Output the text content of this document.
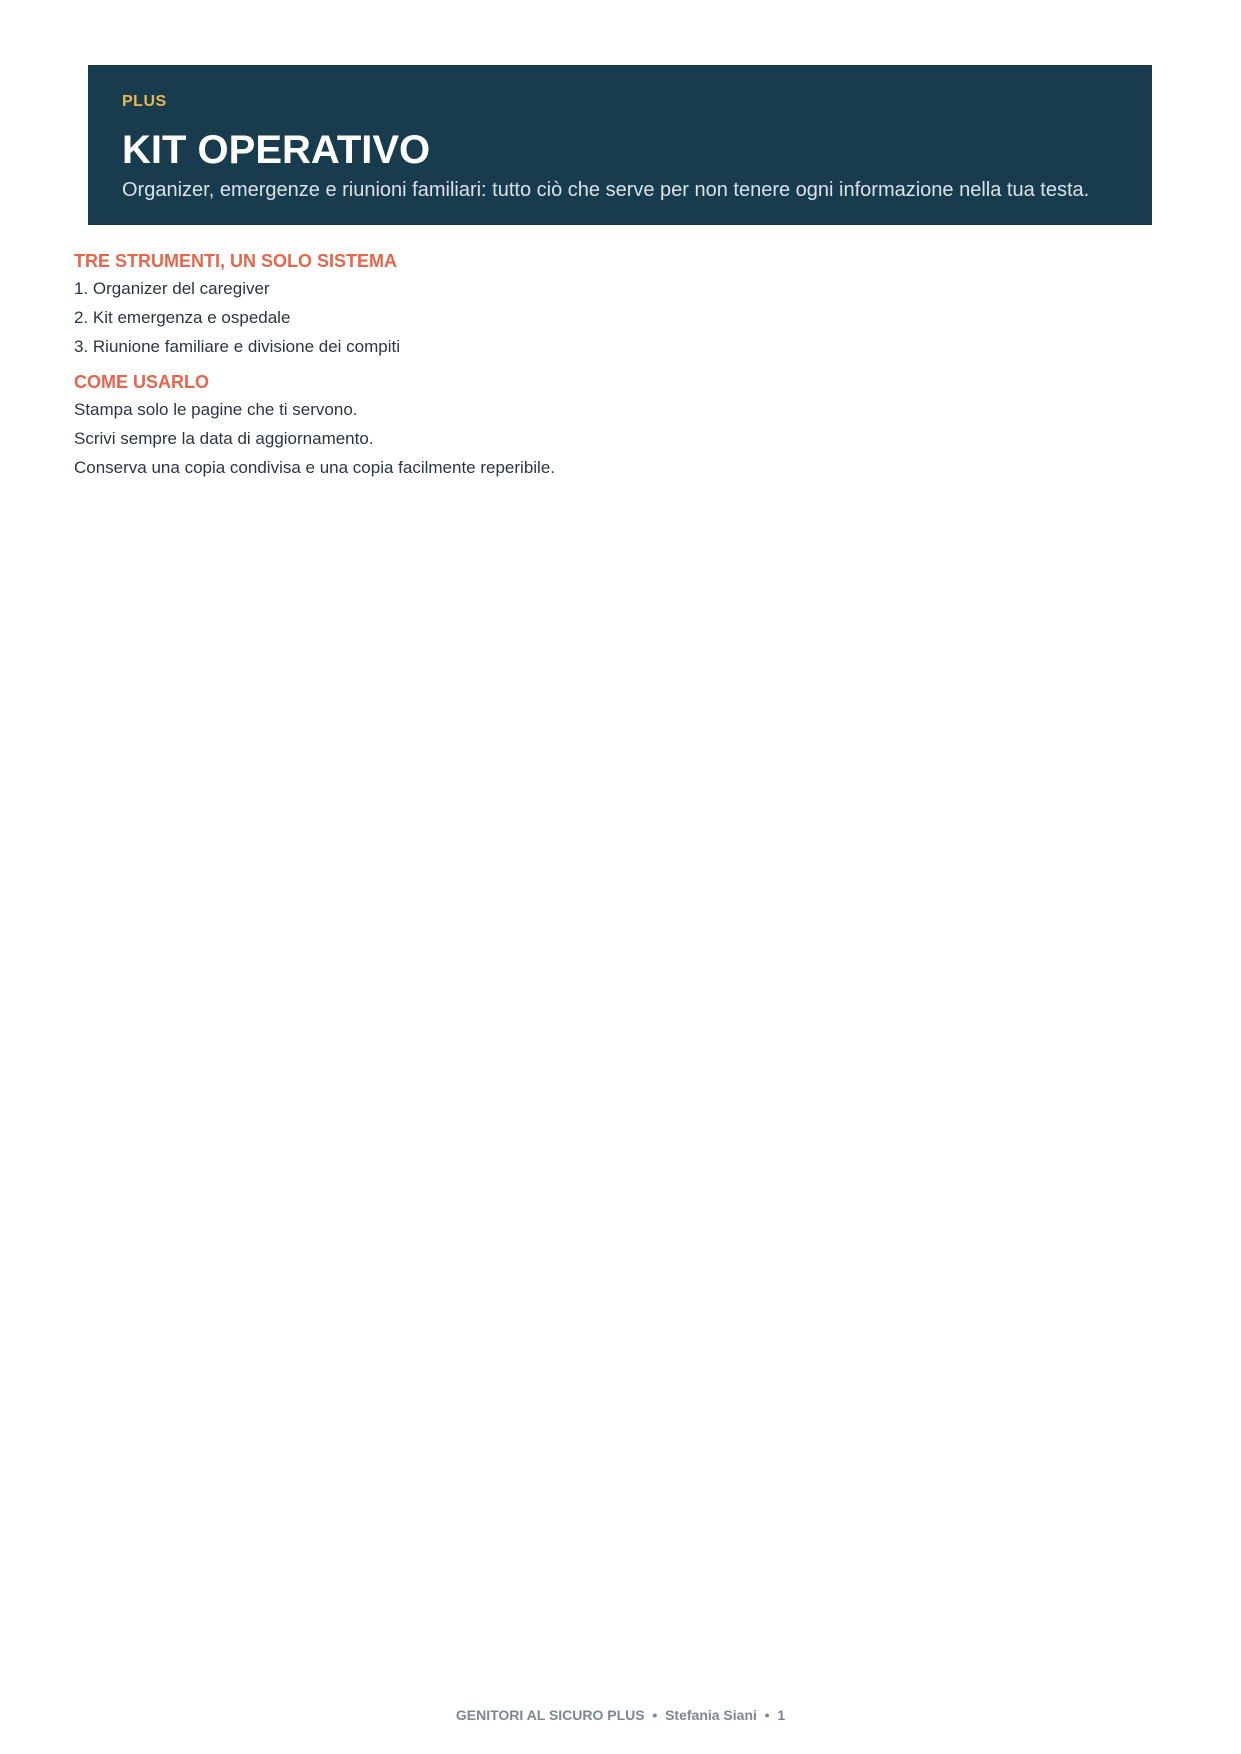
PLUS
KIT OPERATIVO
Organizer, emergenze e riunioni familiari: tutto ciò che serve per non tenere ogni informazione nella tua testa.
TRE STRUMENTI, UN SOLO SISTEMA
1. Organizer del caregiver
2. Kit emergenza e ospedale
3. Riunione familiare e divisione dei compiti
COME USARLO

Stampa solo le pagine che ti servono.

Scrivi sempre la data di aggiornamento.

Conserva una copia condivisa e una copia facilmente reperibile.

GENITORI AL SICURO PLUS  •  Stefania Siani  •  1
